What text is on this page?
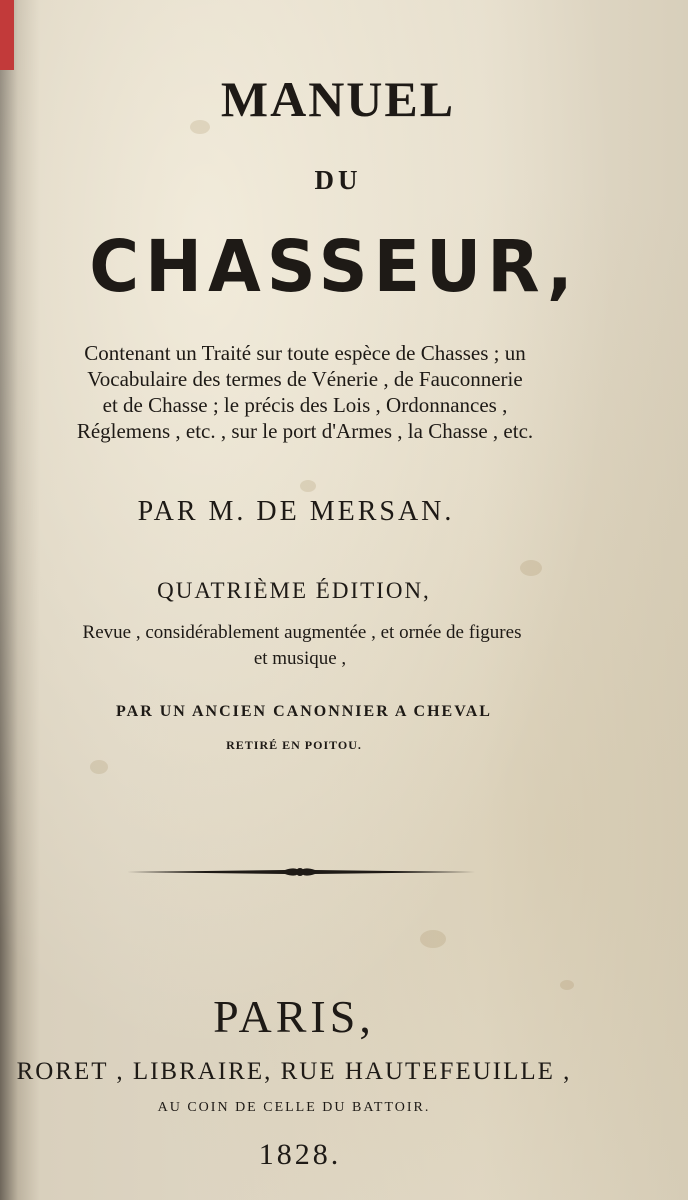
MANUEL
DU
CHASSEUR,
Contenant un Traité sur toute espèce de Chasses ; un
Vocabulaire des termes de Vénerie , de Fauconnerie
et de Chasse ; le précis des Lois , Ordonnances ,
Réglemens , etc. , sur le port d'Armes , la Chasse , etc.
PAR M. DE MERSAN.
QUATRIÈME ÉDITION,
Revue , considérablement augmentée , et ornée de figures
et musique ,
PAR UN ANCIEN CANONNIER A CHEVAL
RETIRÉ EN POITOU.
PARIS,
RORET , LIBRAIRE, RUE HAUTEFEUILLE ,
AU COIN DE CELLE DU BATTOIR.
1828.
